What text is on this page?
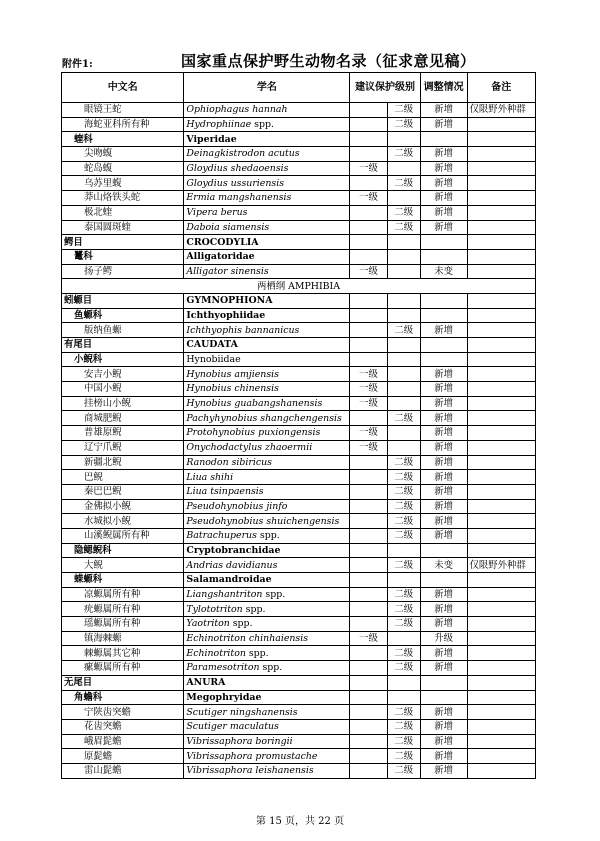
附件1:	国家重点保护野生动物名录（征求意见稿）
中文名	学名	建议保护级别		调整情况	备注
眼镜王蛇	Ophiophagus hannah		二级	新增	仅限野外种群
海蛇亚科所有种	Hydrophiinae spp.		二级	新增	
蝰科	Viperidae				
尖吻蝮	Deinagkistrodon acutus		二级	新增	
蛇岛蝮	Gloydius shedaoensis	一级		新增	
乌苏里蝮	Gloydius ussuriensis		二级	新增	
莽山烙铁头蛇	Ermia mangshanensis	一级		新增	
极北蝰	Vipera berus		二级	新增	
泰国圆斑蝰	Daboia siamensis		二级	新增	
鳄目	CROCODYLIA				
鼍科	Alligatoridae				
扬子鳄	Alligator sinensis	一级		未变	
两栖纲 AMPHIBIA					
蚓螈目	GYMNOPHIONA				
鱼螈科	Ichthyophiidae				
版纳鱼螈	Ichthyophis bannanicus		二级	新增	
有尾目	CAUDATA				
小鲵科	Hynobiidae				
安吉小鲵	Hynobius amjiensis	一级		新增	
中国小鲵	Hynobius chinensis	一级		新增	
挂榜山小鲵	Hynobius guabangshanensis	一级		新增	
商城肥鲵	Pachyhynobius shangchengensis		二级	新增	
普雄原鲵	Protohynobius puxiongensis	一级		新增	
辽宁爪鲵	Onychodactylus zhaoermii	一级		新增	
新疆北鲵	Ranodon sibiricus		二级	新增	
巴鲵	Liua shihi		二级	新增	
秦巴巴鲵	Liua tsinpaensis		二级	新增	
金佛拟小鲵	Pseudohynobius jinfo		二级	新增	
水城拟小鲵	Pseudohynobius shuichengensis		二级	新增	
山溪鲵属所有种	Batrachuperus spp.		二级	新增	
隐鳃鲵科	Cryptobranchidae				
大鲵	Andrias davidianus		二级	未变	仅限野外种群
蝾螈科	Salamandroidae				
凉螈属所有种	Liangshantriton spp.		二级	新增	
疣螈属所有种	Tylototriton spp.		二级	新增	
瑶螈属所有种	Yaotriton spp.		二级	新增	
镇海棘螈	Echinotriton chinhaiensis	一级		升级	
棘螈属其它种	Echinotriton spp.		二级	新增	
瘰螈属所有种	Paramesotriton spp.		二级	新增	
无尾目	ANURA				
角蟾科	Megophryidae				
宁陕齿突蟾	Scutiger ningshanensis		二级	新增	
花齿突蟾	Scutiger maculatus		二级	新增	
峨眉髭蟾	Vibrissaphora boringii		二级	新增	
原髭蟾	Vibrissaphora promustache		二级	新增	
雷山髭蟾	Vibrissaphora leishanensis		二级	新增	
第 15 页，共 22 页
